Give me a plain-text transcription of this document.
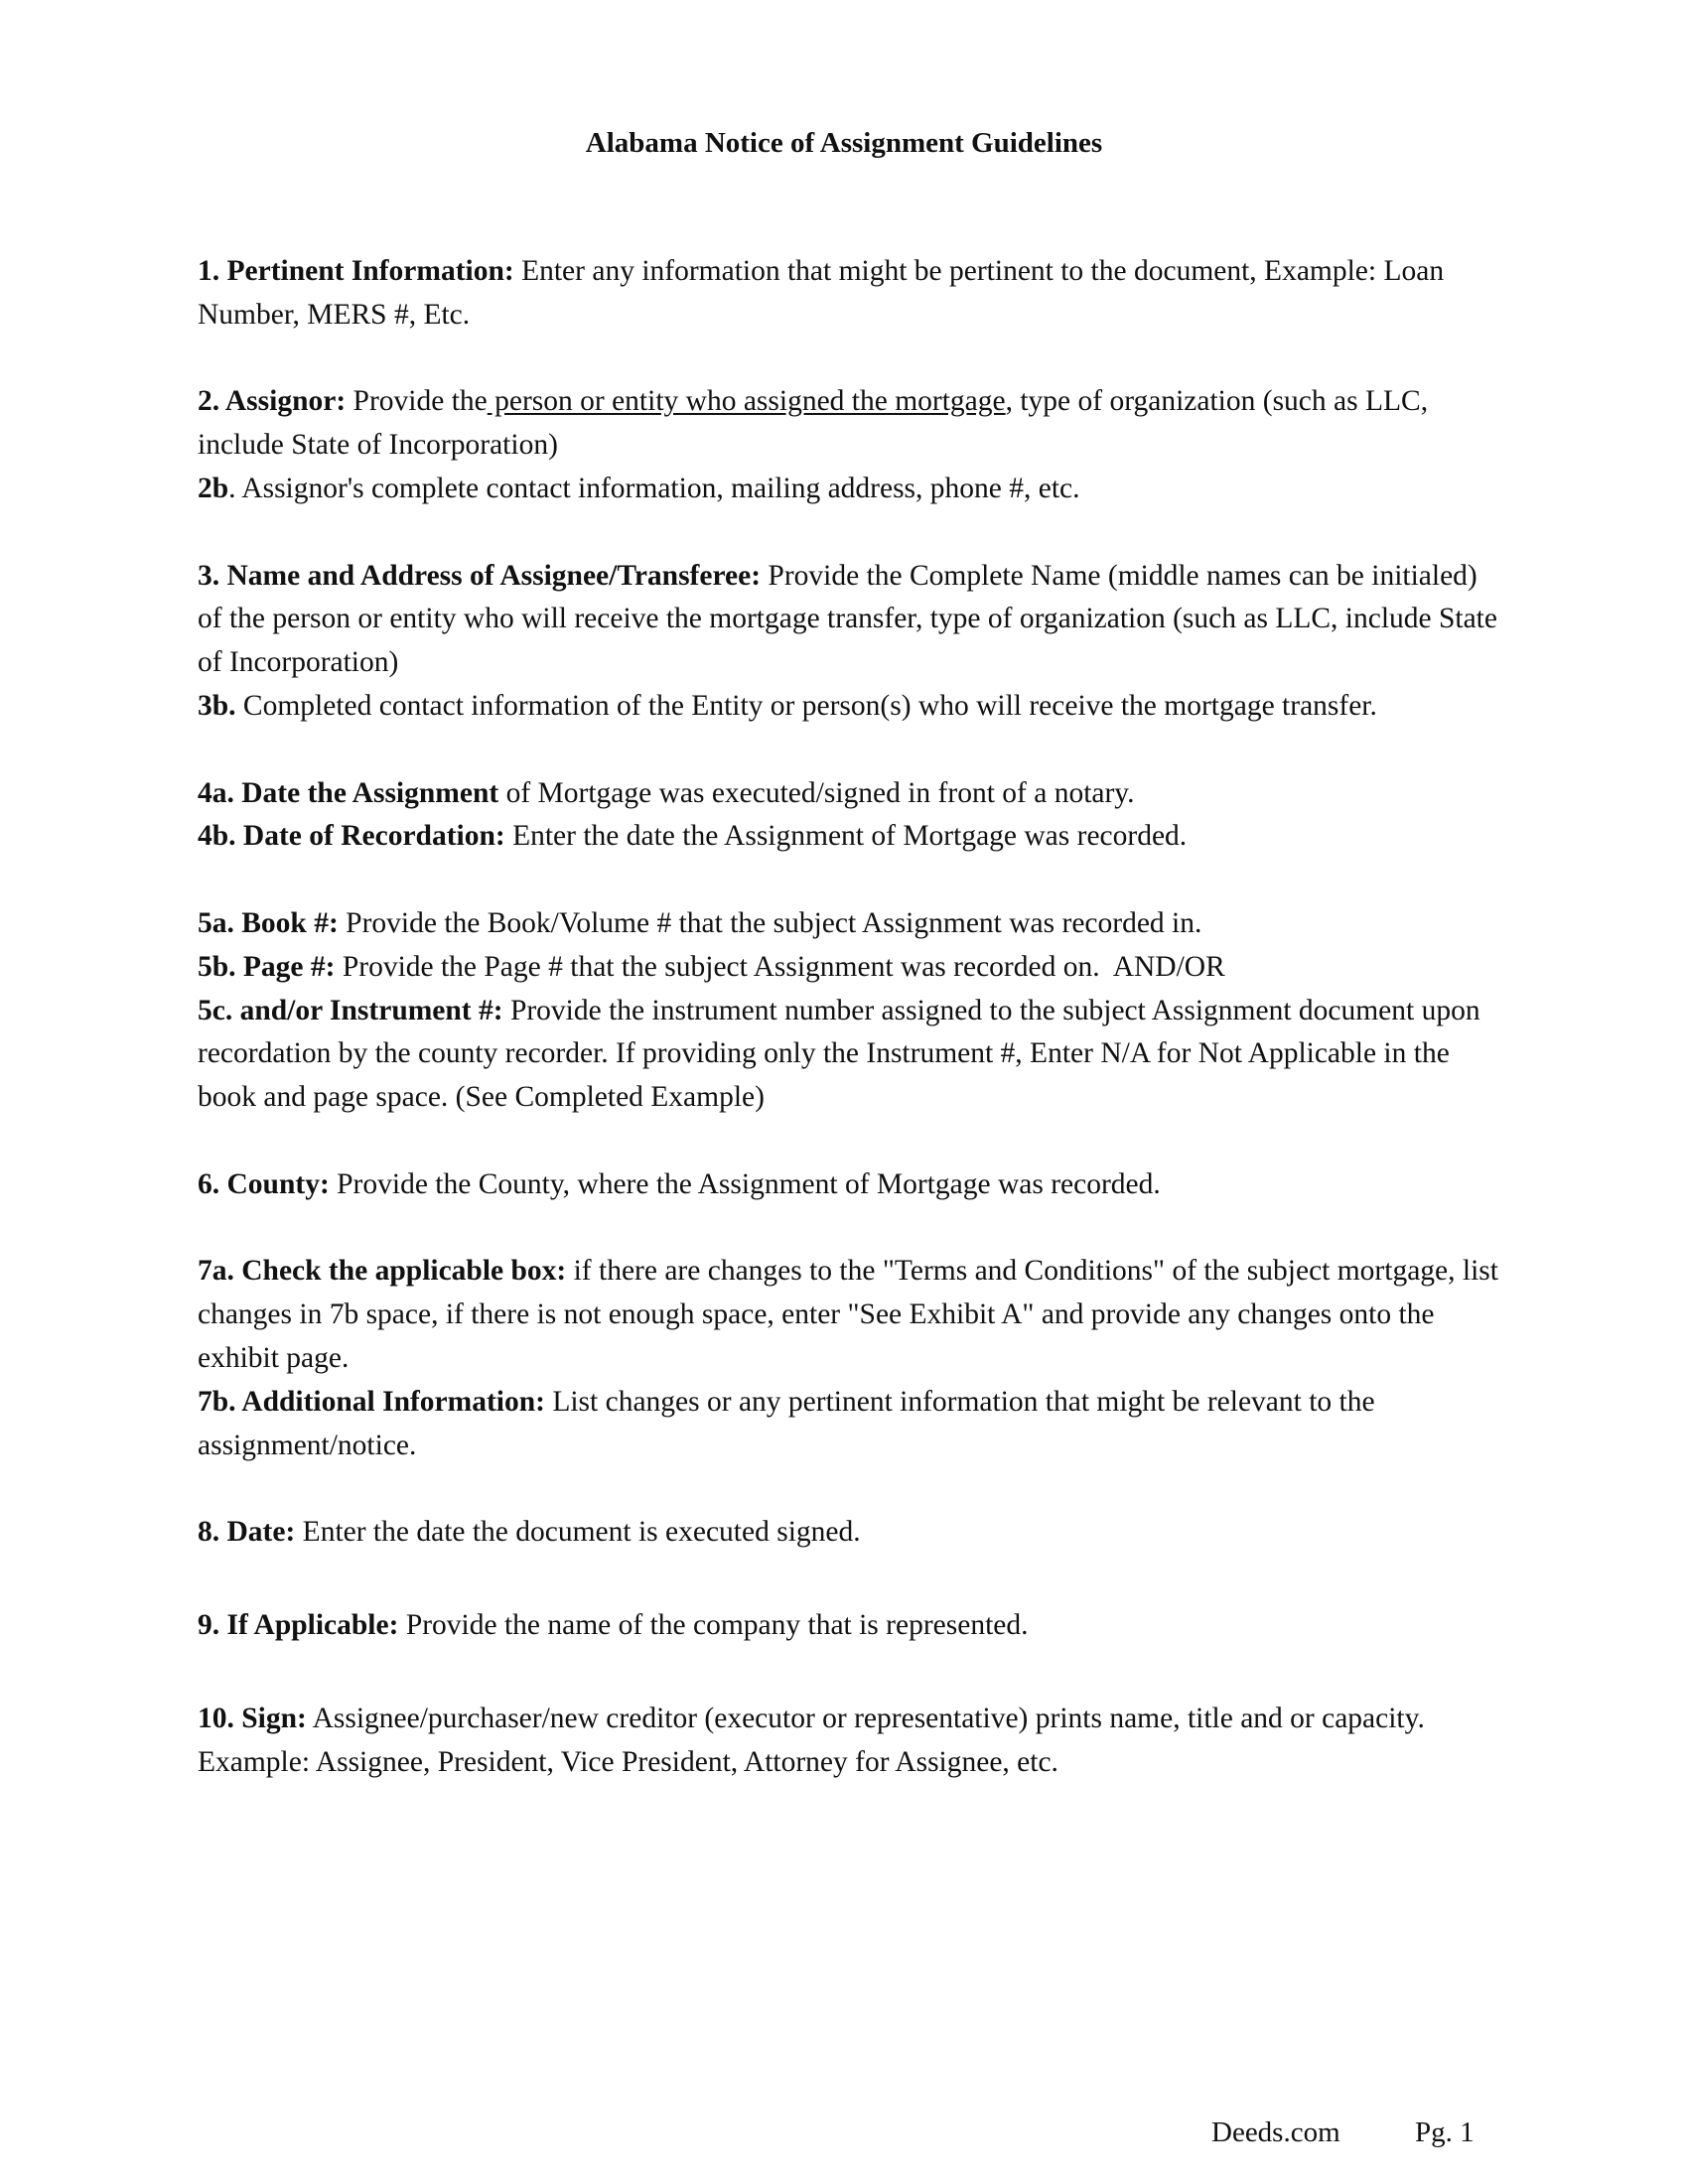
Alabama Notice of Assignment Guidelines

1. Pertinent Information: Enter any information that might be pertinent to the document, Example: Loan Number, MERS #, Etc.

2. Assignor: Provide the person or entity who assigned the mortgage, type of organization (such as LLC, include State of Incorporation)
2b. Assignor's complete contact information, mailing address, phone #, etc.

3. Name and Address of Assignee/Transferee: Provide the Complete Name (middle names can be initialed) of the person or entity who will receive the mortgage transfer, type of organization (such as LLC, include State of Incorporation)
3b. Completed contact information of the Entity or person(s) who will receive the mortgage transfer.

4a. Date the Assignment of Mortgage was executed/signed in front of a notary.
4b. Date of Recordation: Enter the date the Assignment of Mortgage was recorded.

5a. Book #: Provide the Book/Volume # that the subject Assignment was recorded in.
5b. Page #: Provide the Page # that the subject Assignment was recorded on.  AND/OR
5c. and/or Instrument #: Provide the instrument number assigned to the subject Assignment document upon recordation by the county recorder. If providing only the Instrument #, Enter N/A for Not Applicable in the book and page space. (See Completed Example)

6. County: Provide the County, where the Assignment of Mortgage was recorded.

7a. Check the applicable box: if there are changes to the "Terms and Conditions" of the subject mortgage, list changes in 7b space, if there is not enough space, enter "See Exhibit A" and provide any changes onto the exhibit page.
7b. Additional Information: List changes or any pertinent information that might be relevant to the assignment/notice.

8. Date: Enter the date the document is executed signed.

9. If Applicable: Provide the name of the company that is represented.

10. Sign: Assignee/purchaser/new creditor (executor or representative) prints name, title and or capacity. Example: Assignee, President, Vice President, Attorney for Assignee, etc.

Deeds.com	Pg. 1
